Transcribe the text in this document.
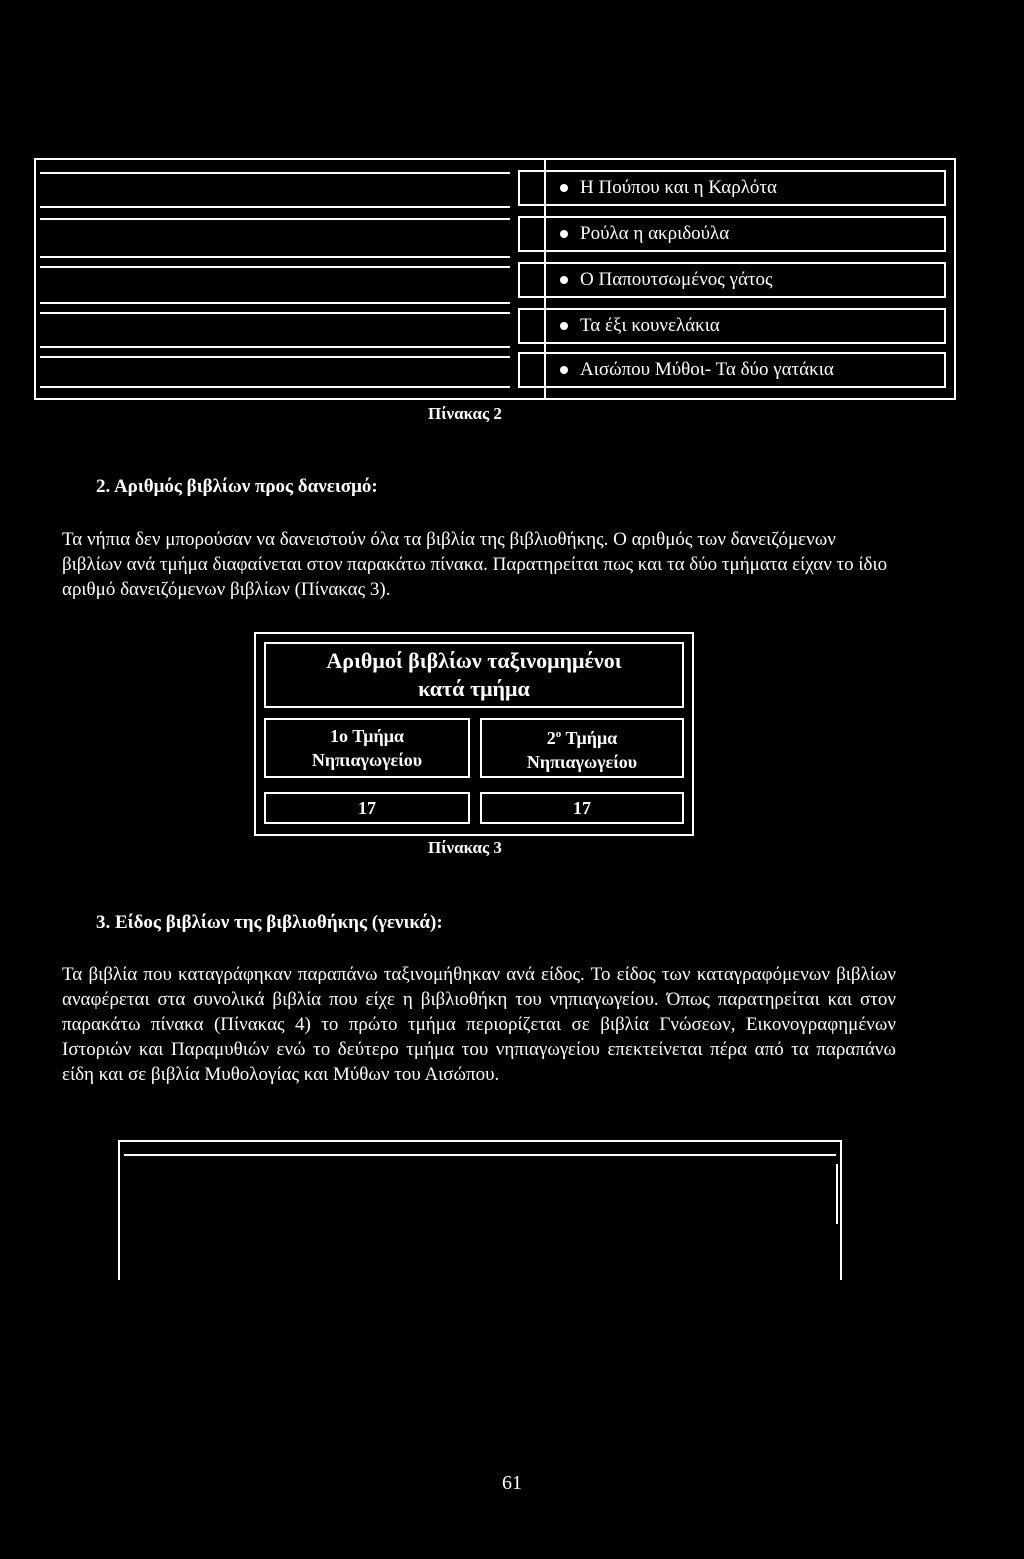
Η Πούπου και η Καρλότα
Ρούλα η ακριδούλα
Ο Παπουτσωμένος γάτος
Τα έξι κουνελάκια
Αισώπου Μύθοι- Τα δύο γατάκια
Πίνακας 2
2. Αριθμός βιβλίων προς δανεισμό:
Τα νήπια δεν μπορούσαν να δανειστούν όλα τα βιβλία της βιβλιοθήκης. Ο αριθμός των δανειζόμενων βιβλίων ανά τμήμα διαφαίνεται στον παρακάτω πίνακα. Παρατηρείται πως και τα δύο τμήματα είχαν το ίδιο αριθμό δανειζόμενων βιβλίων (Πίνακας 3).
Αριθμοί βιβλίων ταξινομημένοι
κατά τμήμα
1ο Τμήμα
Νηπιαγωγείου
$2^o$ Τμήμα
Νηπιαγωγείου
17	17
Πίνακας 3
3. Είδος βιβλίων της βιβλιοθήκης (γενικά):
Τα βιβλία που καταγράφηκαν παραπάνω ταξινομήθηκαν ανά είδος. Το είδος των καταγραφόμενων βιβλίων αναφέρεται στα συνολικά βιβλία που είχε η βιβλιοθήκη του νηπιαγωγείου. Όπως παρατηρείται και στον παρακάτω πίνακα (Πίνακας 4) το πρώτο τμήμα περιορίζεται σε βιβλία Γνώσεων, Εικονογραφημένων Ιστοριών και Παραμυθιών ενώ το δεύτερο τμήμα του νηπιαγωγείου επεκτείνεται πέρα από τα παραπάνω είδη και σε βιβλία Μυθολογίας και Μύθων του Αισώπου.
61
